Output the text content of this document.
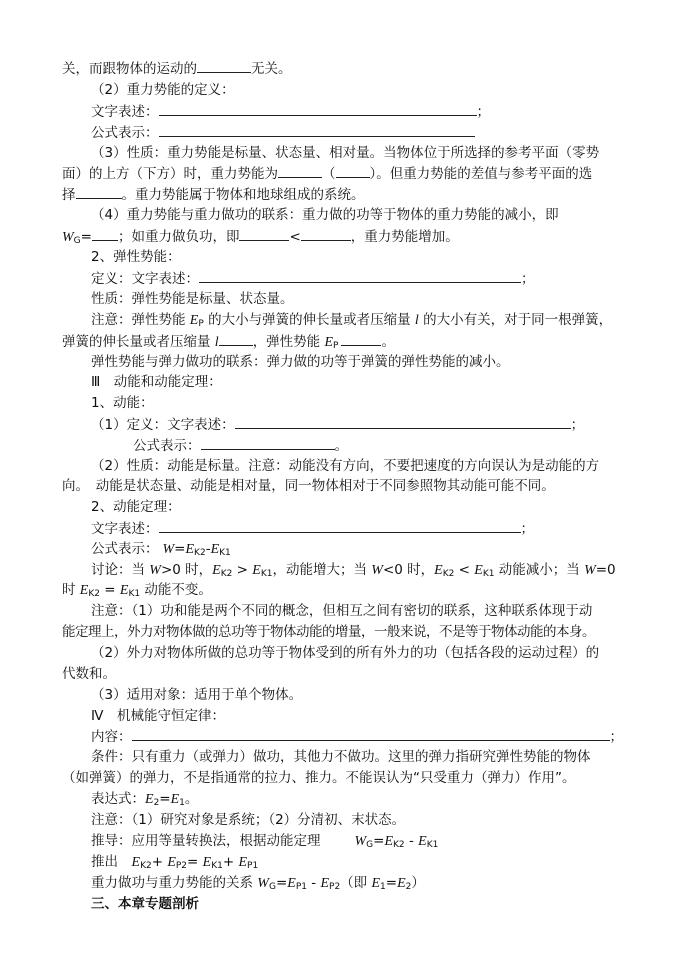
关，而跟物体的运动的	无关。
（2）重力势能的定义：
文字表述：	；
公式表示：
（3）性质：重力势能是标量、状态量、相对量。当物体位于所选择的参考平面（零势
面）的上方（下方）时，重力势能为	（	）。但重力势能的差值与参考平面的选
择	。重力势能属于物体和地球组成的系统。
（4）重力势能与重力做功的联系：重力做的功等于物体的重力势能的减小，即
$W_G=$ ；如重力做负功，即	<	，重力势能增加。
2、弹性势能：
定义：文字表述：	；
性质：弹性势能是标量、状态量。
注意：弹性势能 $E_P$ 的大小与弹簧的伸长量或者压缩量 l 的大小有关，对于同一根弹簧，
弹簧的伸长量或者压缩量 l	，弹性势能 $E_P$	。
弹性势能与弹力做功的联系：弹力做的功等于弹簧的弹性势能的减小。
Ⅲ　动能和动能定理：
1、动能：
（1）定义：文字表述：	；
公式表示：	。
（2）性质：动能是标量。注意：动能没有方向，不要把速度的方向误认为是动能的方
向。　动能是状态量、动能是相对量，同一物体相对于不同参照物其动能可能不同。
2、动能定理：
文字表述：	；
公式表示： $W=E_{K2}-E_{K1}$
讨论：当 W>0 时，$E_{K2} > E_{K1}$，动能增大；当 W<0 时，$E_{K2} < E_{K1}$ 动能减小；当 W=0
时 $E_{K2} = E_{K1}$ 动能不变。
注意：（1）功和能是两个不同的概念，但相互之间有密切的联系，这种联系体现于动
能定理上，外力对物体做的总功等于物体动能的增量，一般来说，不是等于物体动能的本身。
（2）外力对物体所做的总功等于物体受到的所有外力的功（包括各段的运动过程）的
代数和。
（3）适用对象：适用于单个物体。
Ⅳ　机械能守恒定律：
内容：	；
条件：只有重力（或弹力）做功，其他力不做功。这里的弹力指研究弹性势能的物体
（如弹簧）的弹力，不是指通常的拉力、推力。不能误认为“只受重力（弹力）作用”。
表达式：$E_2=E_1$。
注意：（1）研究对象是系统；（2）分清初、末状态。
推导：应用等量转换法，根据动能定理 $W_G=E_{K2} - E_{K1}$
推出　$E_{K2}+ E_{P2}= E_{K1}+ E_{P1}$
重力做功与重力势能的关系 $W_G=E_{P1} - E_{P2}$（即 $E_1=E_2$）
三、本章专题剖析
